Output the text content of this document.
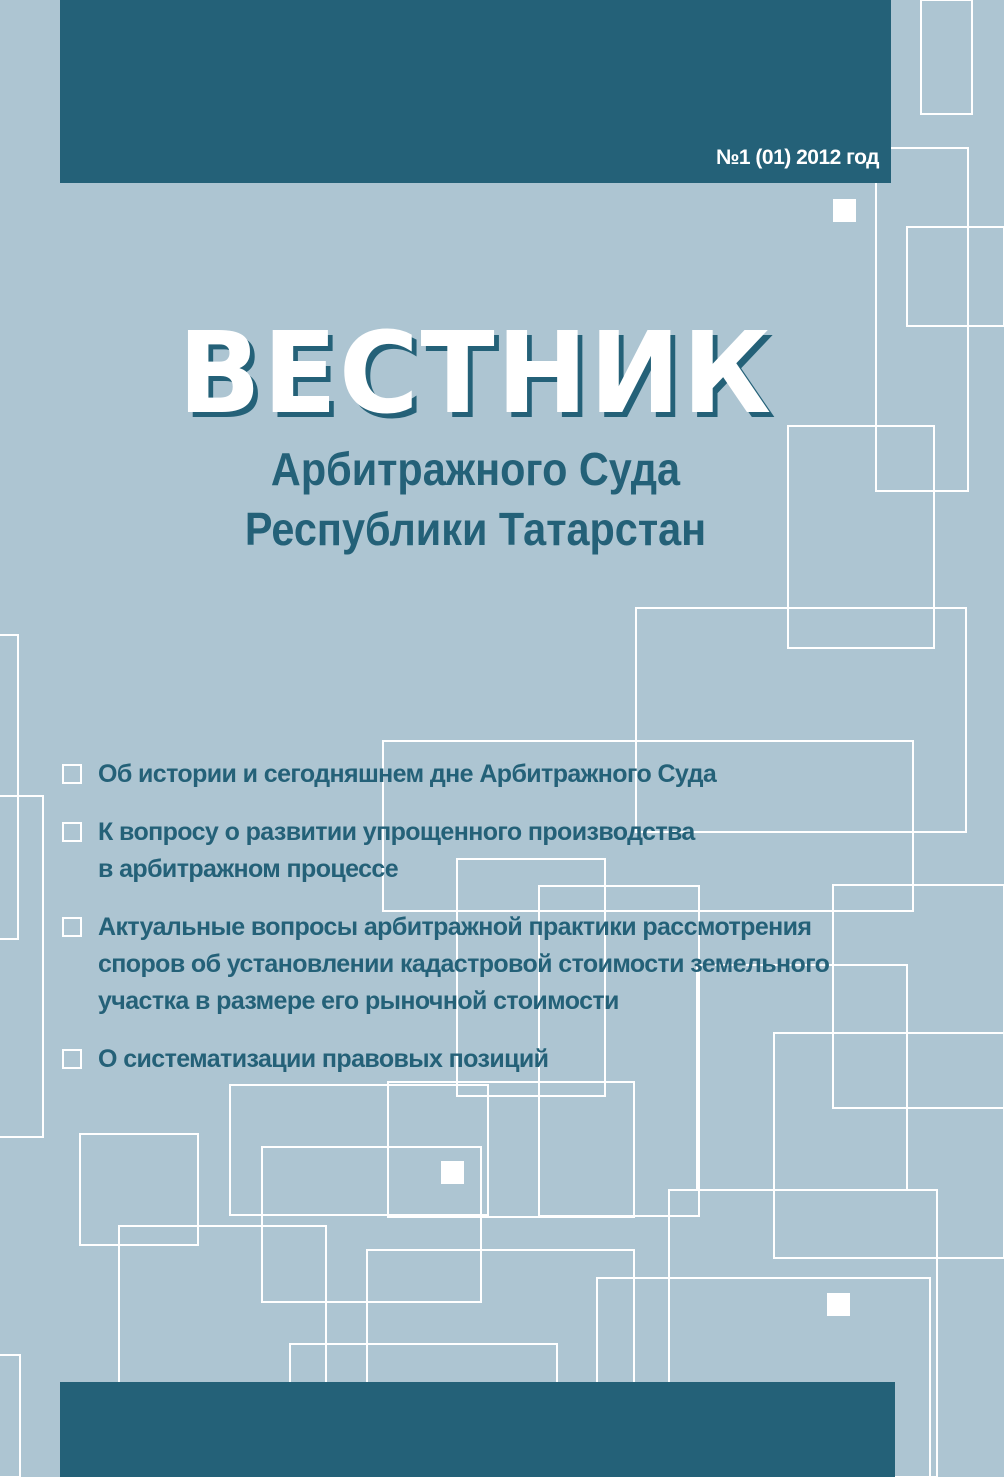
№1 (01) 2012 год
ВЕСТНИК
Арбитражного Суда
Республики Татарстан
Об истории и сегодняшнем дне Арбитражного Суда
К вопросу о развитии упрощенного производства
в арбитражном процессе
Актуальные вопросы арбитражной практики рассмотрения
споров об установлении кадастровой стоимости земельного
участка в размере его рыночной стоимости
О систематизации правовых позиций
